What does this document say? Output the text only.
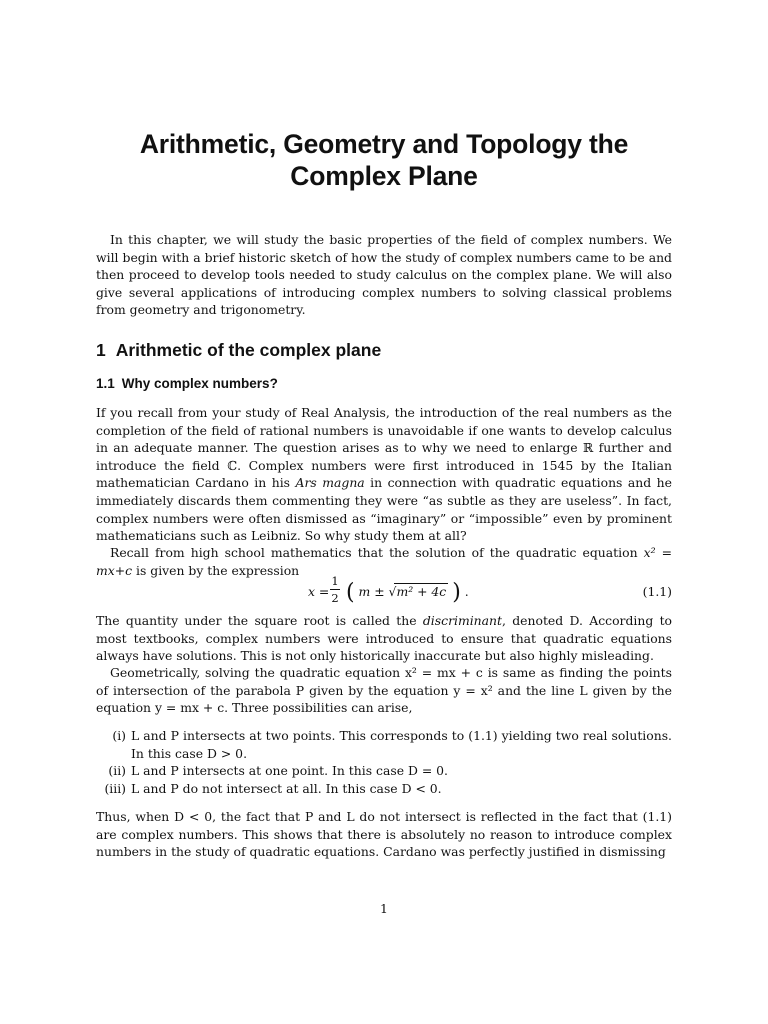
Arithmetic, Geometry and Topology the Complex Plane
In this chapter, we will study the basic properties of the field of complex numbers. We will begin with a brief historic sketch of how the study of complex numbers came to be and then proceed to develop tools needed to study calculus on the complex plane. We will also give several applications of introducing complex numbers to solving classical problems from geometry and trigonometry.
1 Arithmetic of the complex plane
1.1 Why complex numbers?
If you recall from your study of Real Analysis, the introduction of the real numbers as the completion of the field of rational numbers is unavoidable if one wants to develop calculus in an adequate manner. The question arises as to why we need to enlarge ℝ further and introduce the field ℂ. Complex numbers were first introduced in 1545 by the Italian mathematician Cardano in his Ars magna in connection with quadratic equations and he immediately discards them commenting they were “as subtle as they are useless”. In fact, complex numbers were often dismissed as “imaginary” or “impossible” even by prominent mathematicians such as Leibniz. So why study them at all?
Recall from high school mathematics that the solution of the quadratic equation x² = mx+c is given by the expression
x =
1
2 ( m ± √m² + 4c ) .	(1.1)
The quantity under the square root is called the discriminant, denoted D. According to most textbooks, complex numbers were introduced to ensure that quadratic equations always have solutions. This is not only historically inaccurate but also highly misleading.
Geometrically, solving the quadratic equation x² = mx + c is same as finding the points of intersection of the parabola P given by the equation y = x² and the line L given by the equation y = mx + c. Three possibilities can arise,
(i) L and P intersects at two points. This corresponds to (1.1) yielding two real solutions. In this case D > 0.
(ii) L and P intersects at one point. In this case D = 0.
(iii) L and P do not intersect at all. In this case D < 0.
Thus, when D < 0, the fact that P and L do not intersect is reflected in the fact that (1.1) are complex numbers. This shows that there is absolutely no reason to introduce complex numbers in the study of quadratic equations. Cardano was perfectly justified in dismissing
1
